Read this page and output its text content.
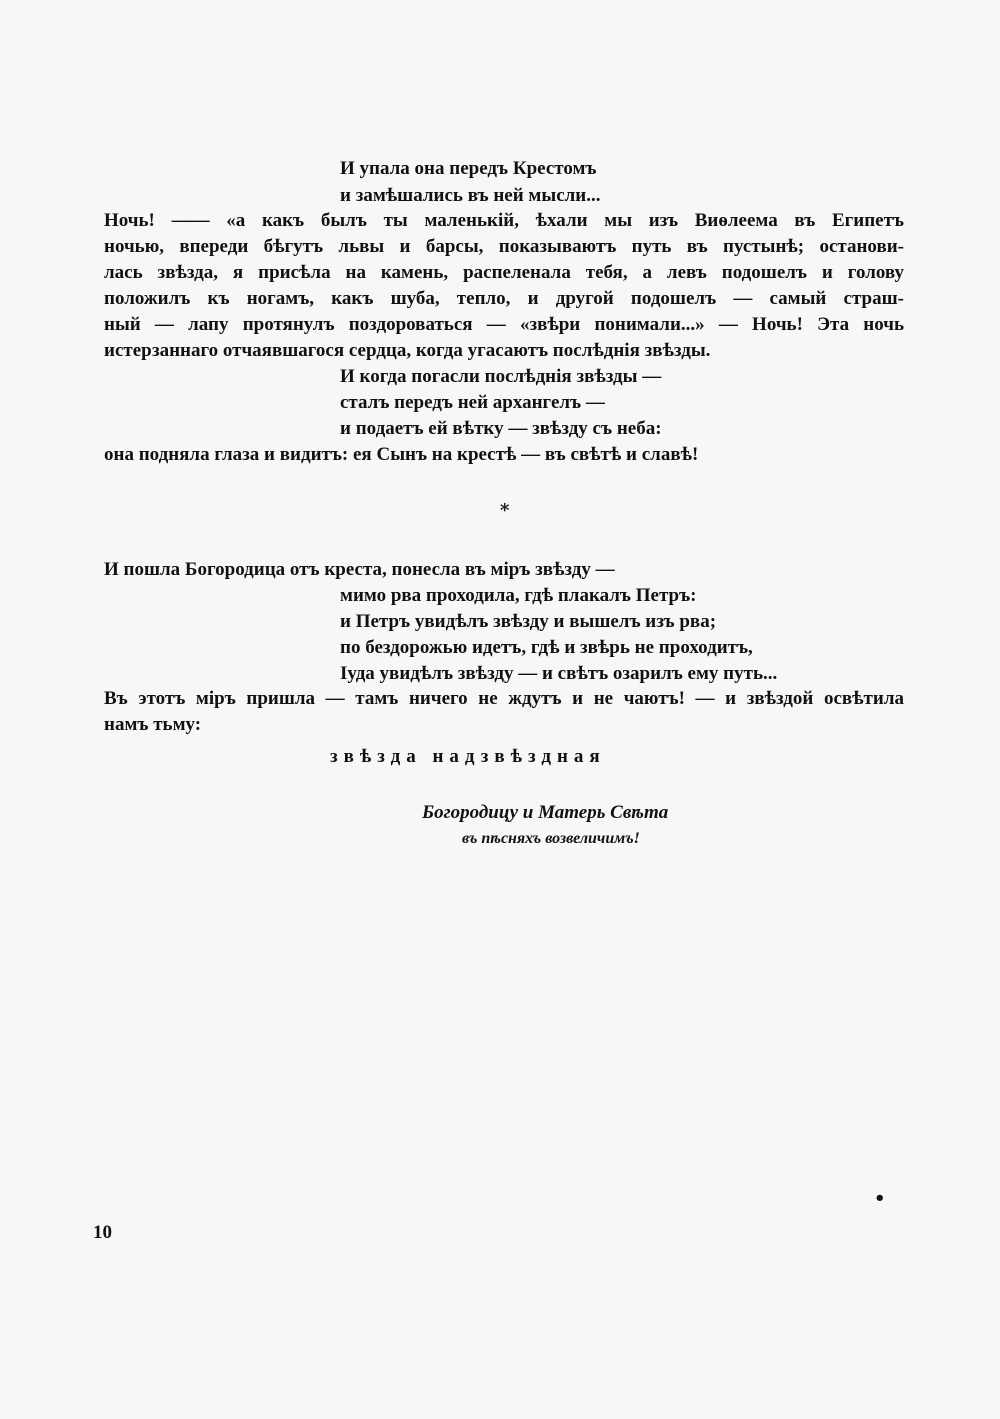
И упала она передъ Крестомъ
и замѣшались въ ней мысли...
Ночь! —— «а какъ былъ ты маленькій, ѣхали мы изъ Виѳлеема въ Египетъ
ночью, впереди бѣгутъ львы и барсы, показываютъ путь въ пустынѣ; останови-
лась звѣзда, я присѣла на камень, распеленала тебя, а левъ подошелъ и голову
положилъ къ ногамъ, какъ шуба, тепло, и другой подошелъ — самый страш-
ный — лапу протянулъ поздороваться — «звѣри понимали...» — Ночь! Эта ночь
истерзаннаго отчаявшагося сердца, когда угасаютъ послѣднія звѣзды.
И когда погасли послѣднія звѣзды —
сталъ передъ ней архангелъ —
и подаетъ ей вѣтку — звѣзду съ неба:
она подняла глаза и видитъ: ея Сынъ на крестѣ — въ свѣтѣ и славѣ!
*
И пошла Богородица отъ креста, понесла въ міръ звѣзду —
мимо рва проходила, гдѣ плакалъ Петръ:
и Петръ увидѣлъ звѣзду и вышелъ изъ рва;
по бездорожью идетъ, гдѣ и звѣрь не проходитъ,
Іуда увидѣлъ звѣзду — и свѣтъ озарилъ ему путь...
Въ этотъ міръ пришла — тамъ ничего не ждутъ и не чаютъ! — и звѣздой освѣтила
намъ тьму:
звѣзда надзвѣздная
Богородицу и Матерь Свѣта
въ пѣсняхъ возвеличимъ!
•
10
